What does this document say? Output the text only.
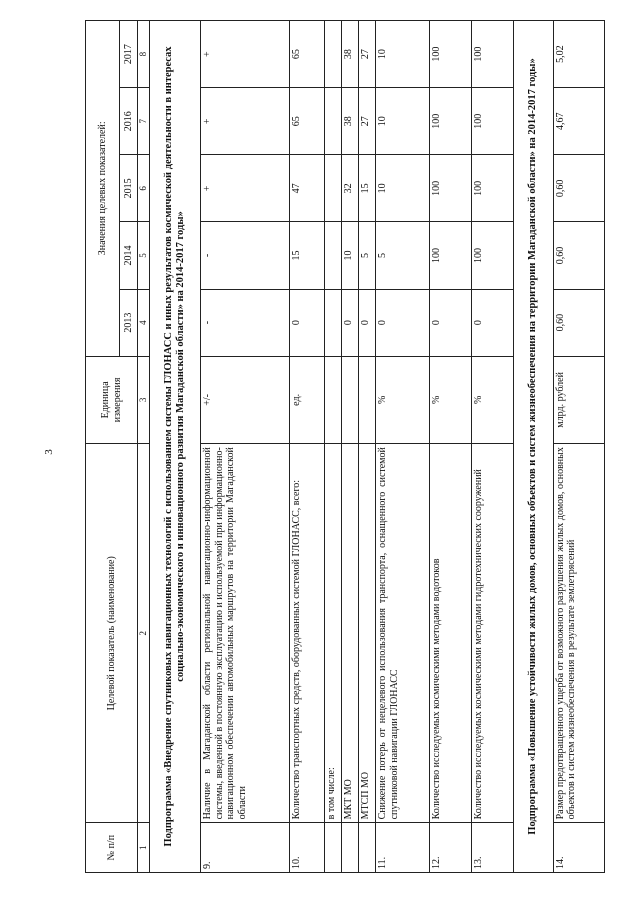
3
№ п/п	Целевой показатель (наименование)	Единица измерения	Значения целевых показателей:				
			2013	2014	2015	2016	2017
1	2	3	4	5	6	7	8
Подпрограмма «Внедрение спутниковых навигационных технологий с использованием системы ГЛОНАСС и иных результатов космической деятельности в интересах социально-экономического и инновационного развития Магаданской области» на 2014-2017 годы»							
9.	Наличие в Магаданской области региональной навигационно-информационной системы, введенной в постоянную эксплуатацию и используемой при информационно-навигационном обеспечении автомобильных маршрутов на территории Магаданской области	+/-	-	-	+	+	+
10.	Количество транспортных средств, оборудованных системой ГЛОНАСС, всего:	ед.	0	15	47	65	65
	в том числе:						
	МКТ МО		0	10	32	38	38
	МТСП МО		0	5	15	27	27
11.	Снижение потерь от нецелевого использования транспорта, оснащенного системой спутниковой навигации ГЛОНАСС	%	0	5	10	10	10
12.	Количество исследуемых космическими методами водотоков	%	0	100	100	100	100
13.	Количество исследуемых космическими методами гидротехнических сооружений	%	0	100	100	100	100
Подпрограмма «Повышение устойчивости жилых домов, основных объектов и систем жизнеобеспечения на территории Магаданской области» на 2014-2017 годы»							
14.	Размер предотвращенного ущерба от возможного разрушения жилых домов, основных объектов и систем жизнеобеспечения в результате землетрясений	млрд. рублей	0,60	0,60	0,60	4,67	5,02
